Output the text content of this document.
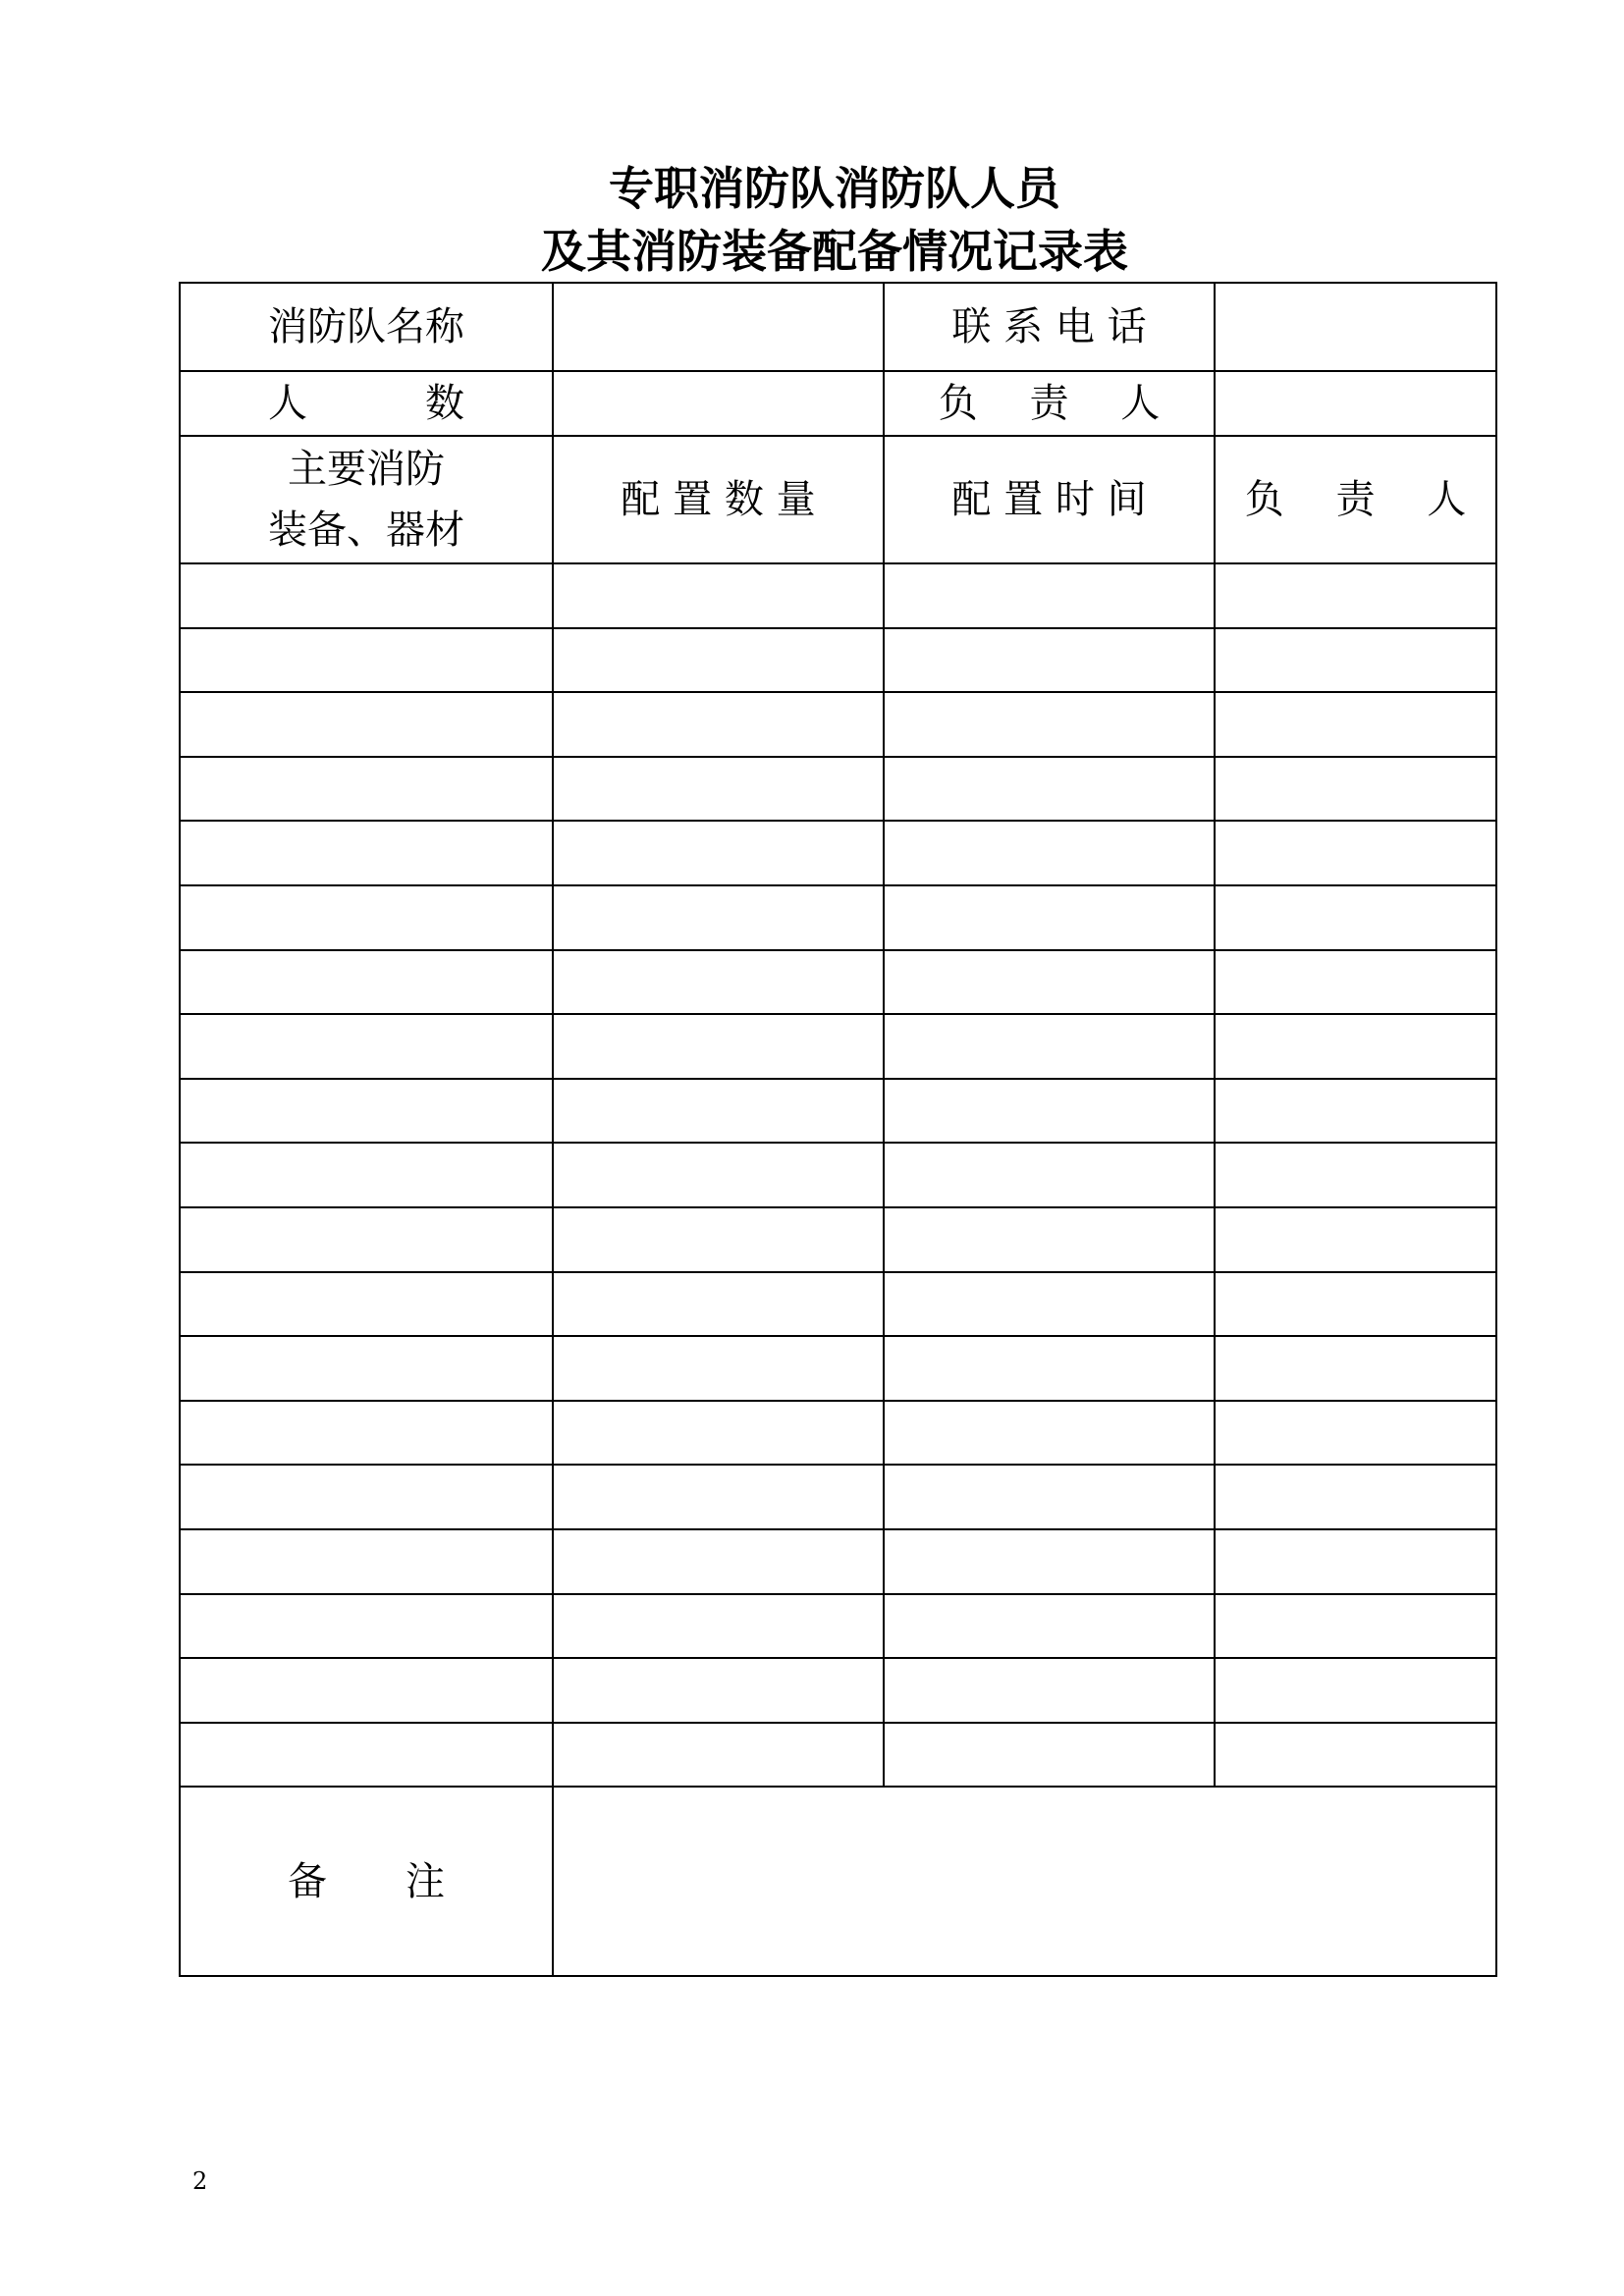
专职消防队消防队人员
及其消防装备配备情况记录表
消防队名称		联 系 电 话	
人　　　数		负　 责　 人	

主要消防
装备、器材	配 置 数 量	配 置 时 间	负　 责　 人

备　　注			
2
